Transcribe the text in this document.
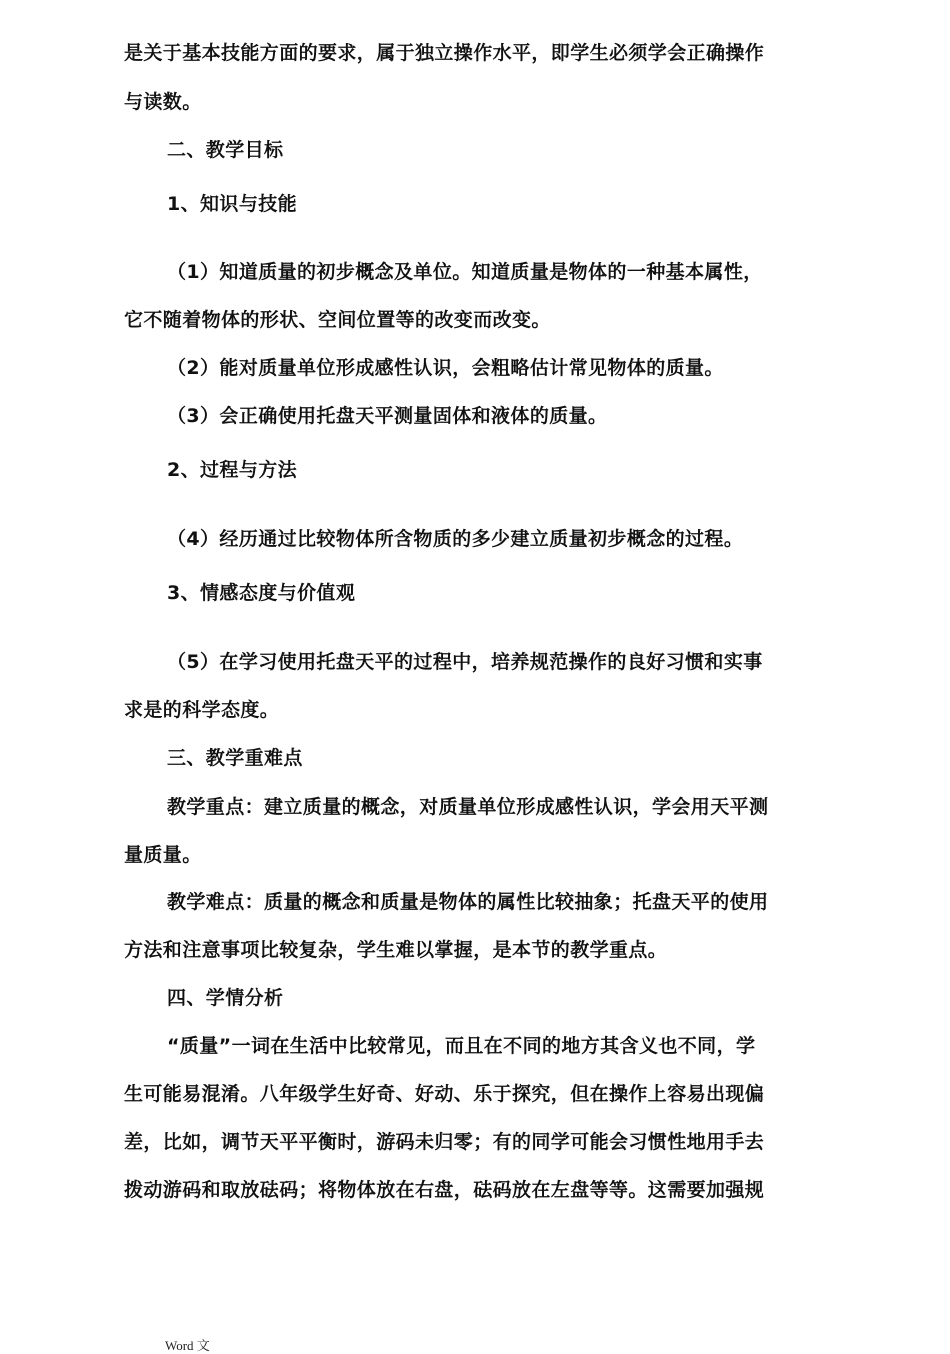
是关于基本技能方面的要求，属于独立操作水平，即学生必须学会正确操作
与读数。
二、教学目标
1、知识与技能
（1）知道质量的初步概念及单位。知道质量是物体的一种基本属性，
它不随着物体的形状、空间位置等的改变而改变。
（2）能对质量单位形成感性认识，会粗略估计常见物体的质量。
（3）会正确使用托盘天平测量固体和液体的质量。
2、过程与方法
（4）经历通过比较物体所含物质的多少建立质量初步概念的过程。
3、情感态度与价值观
（5）在学习使用托盘天平的过程中，培养规范操作的良好习惯和实事
求是的科学态度。
三、教学重难点
教学重点：建立质量的概念，对质量单位形成感性认识，学会用天平测
量质量。
教学难点：质量的概念和质量是物体的属性比较抽象；托盘天平的使用
方法和注意事项比较复杂，学生难以掌握，是本节的教学重点。
四、学情分析
“质量”一词在生活中比较常见，而且在不同的地方其含义也不同，学
生可能易混淆。八年级学生好奇、好动、乐于探究，但在操作上容易出现偏
差，比如，调节天平平衡时，游码未归零；有的同学可能会习惯性地用手去
拨动游码和取放砝码；将物体放在右盘，砝码放在左盘等等。这需要加强规
Word 文
